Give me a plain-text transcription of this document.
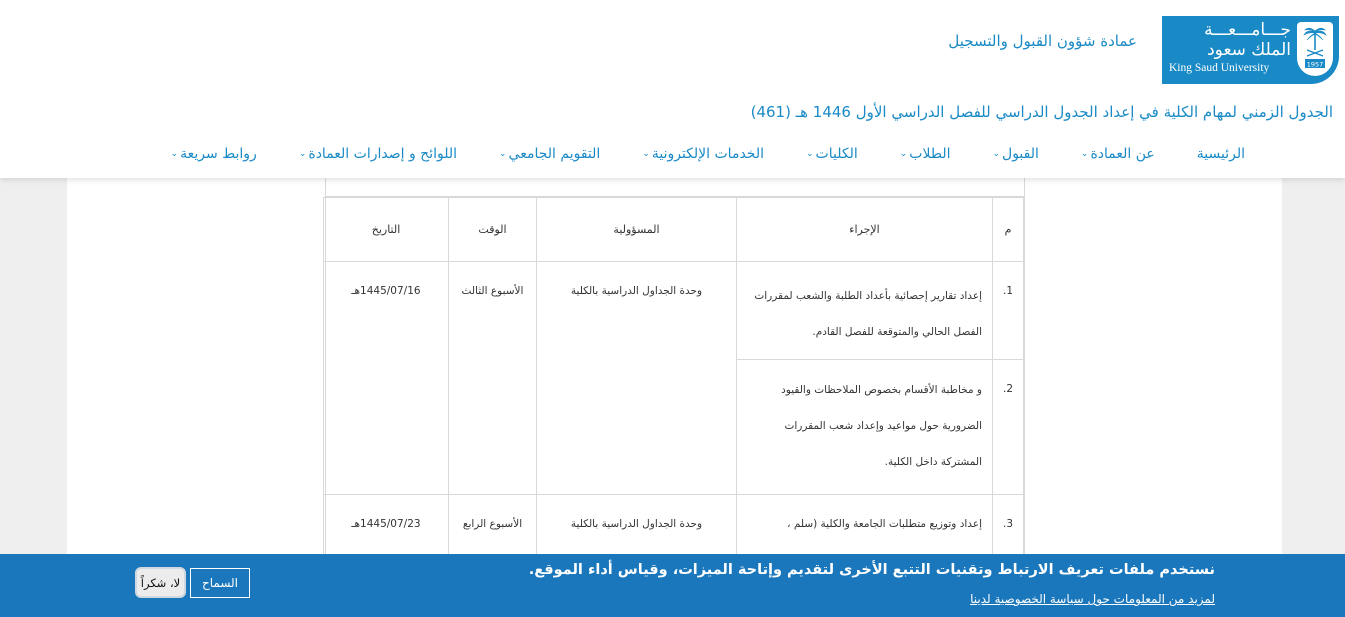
جـــامـــعـــة
الملك سعود
King Saud University	1957
عمادة شؤون القبول والتسجيل
الجدول الزمني لمهام الكلية في إعداد الجدول الدراسي للفصل الدراسي الأول 1446 هـ (461)
الرئيسية
عن العمادة
⌄
القبول
⌄
الطلاب
⌄
الكليات
⌄
الخدمات الإلكترونية
⌄
التقويم الجامعي
⌄
اللوائح و إصدارات العمادة
⌄
روابط سريعة
⌄
م	الإجراء	المسؤولية	الوقت	التاريخ

1.	إعداد تقارير إحصائية بأعداد الطلبة والشعب لمقررات الفصل الحالي والمتوقعة للفصل القادم.	وحدة الجداول الدراسية بالكلية	الأسبوع الثالث	1445/07/16هـ

2.	و مخاطبة الأقسام بخصوص الملاحظات والقيود الضرورية حول مواعيد وإعداد شعب المقررات المشتركة داخل الكلية.			

3.	إعداد وتوزيع متطلبات الجامعة والكلية (سلم ،	وحدة الجداول الدراسية بالكلية	الأسبوع الرابع	1445/07/23هـ
نستخدم ملفات تعريف الارتباط وتقنيات التتبع الأخرى لتقديم وإتاحة الميزات، وقياس أداء الموقع.
لمزيد من المعلومات حول سياسة الخصوصية لدينا
السماح
لا، شكراً
